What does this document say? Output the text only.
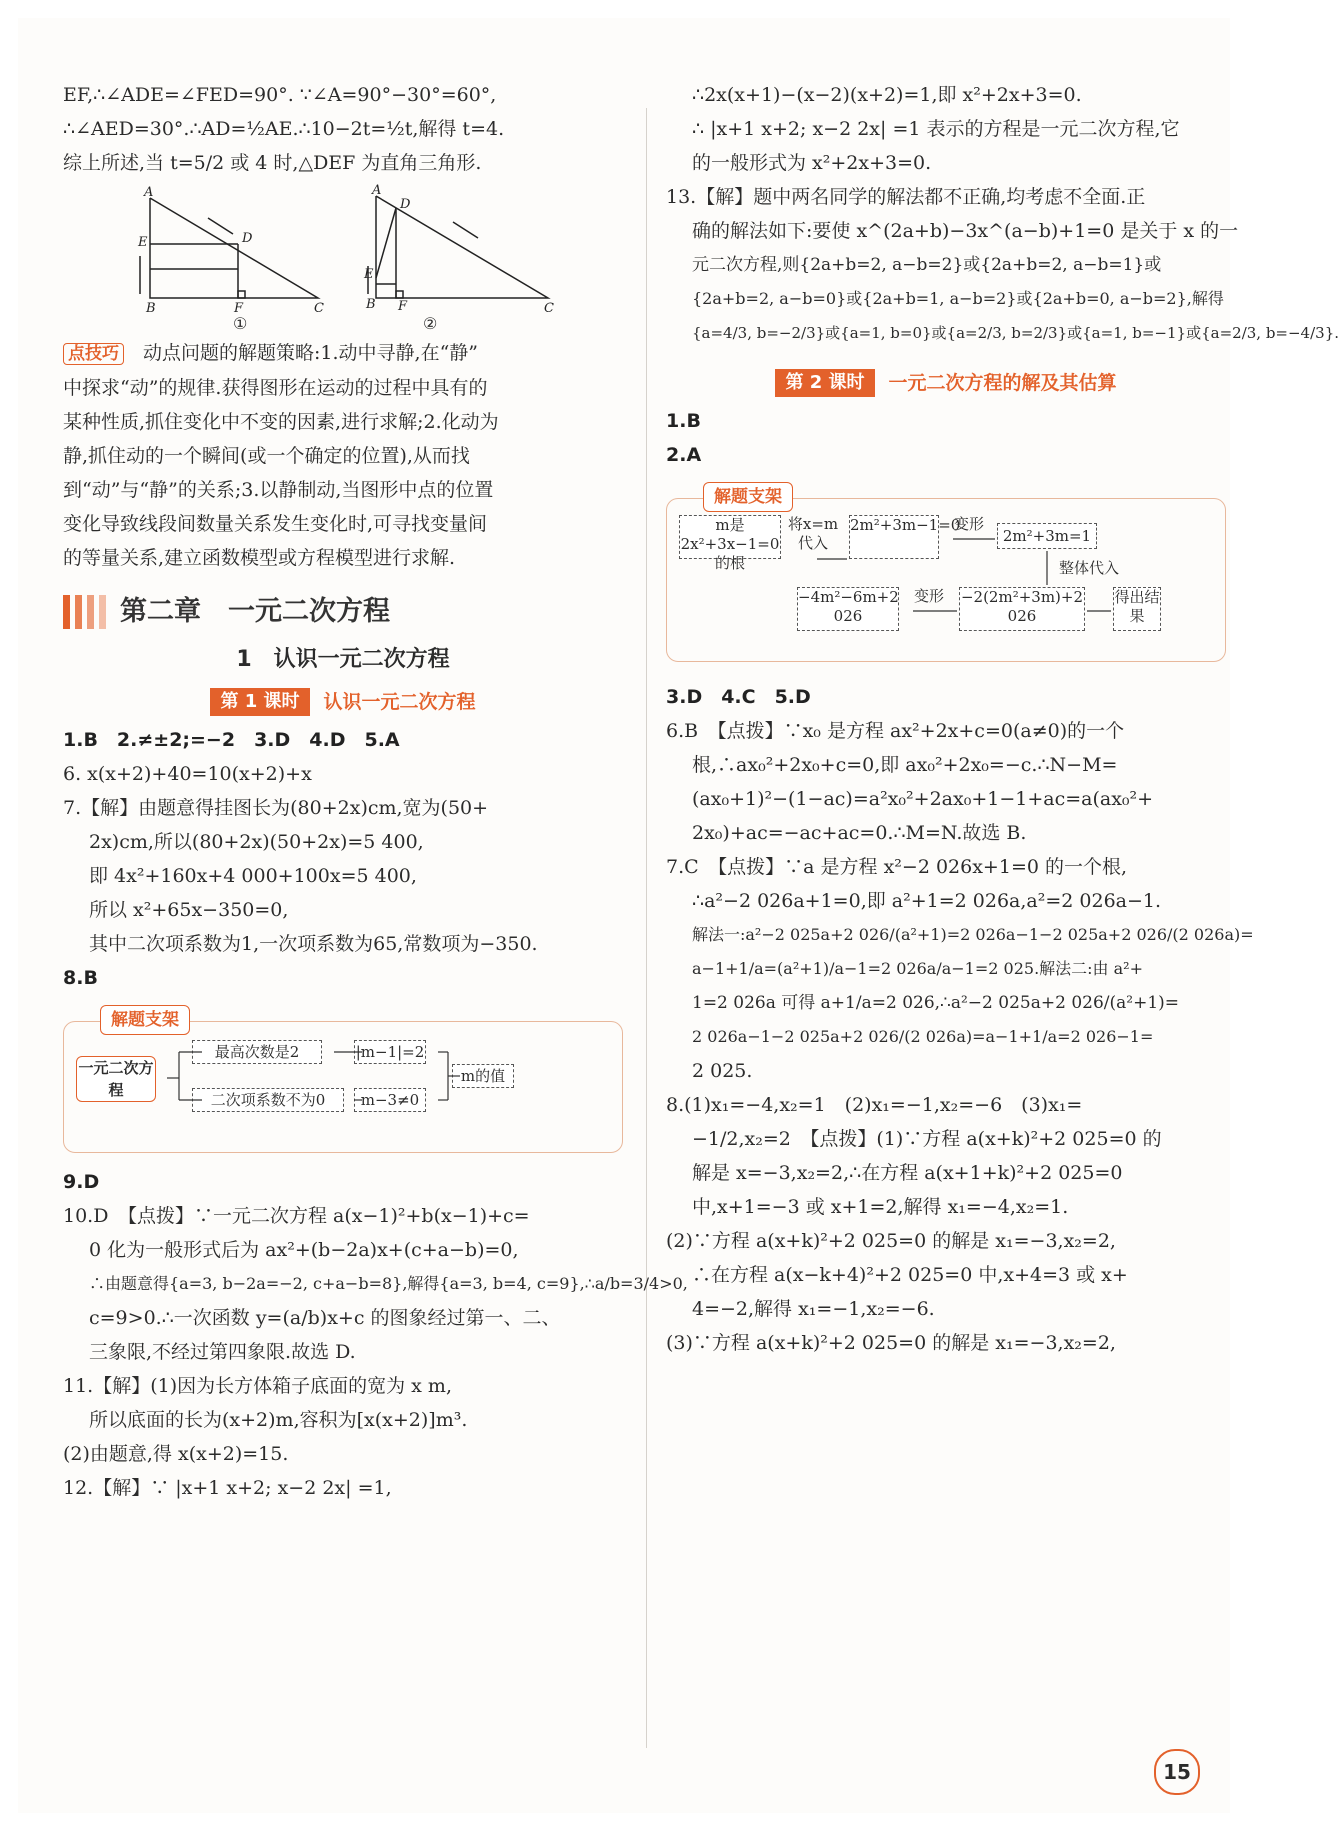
EF,∴∠ADE=∠FED=90°. ∵∠A=90°−30°=60°,
∴∠AED=30°.∴AD=½AE.∴10−2t=½t,解得 t=4.
综上所述,当 t=5/2 或 4 时,△DEF 为直角三角形.
A
D
E
B	F	C
A
D
E
B F	C
①	②
点技巧　 动点问题的解题策略:1.动中寻静,在“静”
中探求“动”的规律.获得图形在运动的过程中具有的
某种性质,抓住变化中不变的因素,进行求解;2.化动为
静,抓住动的一个瞬间(或一个确定的位置),从而找
到“动”与“静”的关系;3.以静制动,当图形中点的位置
变化导致线段间数量关系发生变化时,可寻找变量间
的等量关系,建立函数模型或方程模型进行求解.
第二章　一元二次方程
1　认识一元二次方程
第 1 课时	认识一元二次方程
1.B　2.≠±2;=−2　3.D　4.D　5.A
6. x(x+2)+40=10(x+2)+x
7.【解】由题意得挂图长为(80+2x)cm,宽为(50+
2x)cm,所以(80+2x)(50+2x)=5 400,
即 4x²+160x+4 000+100x=5 400,
所以 x²+65x−350=0,
其中二次项系数为1,一次项系数为65,常数项为−350.
8.B
解题支架
一元二次方程
最高次数是2	|m−1|=2
二次项系数不为0	m−3≠0
m的值
9.D
10.D　【点拨】∵一元二次方程 a(x−1)²+b(x−1)+c=
0 化为一般形式后为 ax²+(b−2a)x+(c+a−b)=0,
∴由题意得{a=3, b−2a=−2, c+a−b=8},解得{a=3, b=4, c=9},∴a/b=3/4>0,
c=9>0.∴一次函数 y=(a/b)x+c 的图象经过第一、二、
三象限,不经过第四象限.故选 D.
11.【解】(1)因为长方体箱子底面的宽为 x m,
所以底面的长为(x+2)m,容积为[x(x+2)]m³.
(2)由题意,得 x(x+2)=15.
12.【解】∵ |x+1 x+2; x−2 2x| =1,
∴2x(x+1)−(x−2)(x+2)=1,即 x²+2x+3=0.
∴ |x+1 x+2; x−2 2x| =1 表示的方程是一元二次方程,它
的一般形式为 x²+2x+3=0.
13.【解】题中两名同学的解法都不正确,均考虑不全面.正
确的解法如下:要使 x^(2a+b)−3x^(a−b)+1=0 是关于 x 的一
元二次方程,则{2a+b=2, a−b=2}或{2a+b=2, a−b=1}或
{2a+b=2, a−b=0}或{2a+b=1, a−b=2}或{2a+b=0, a−b=2},解得
{a=4/3, b=−2/3}或{a=1, b=0}或{a=2/3, b=2/3}或{a=1, b=−1}或{a=2/3, b=−4/3}.
第 2 课时	一元二次方程的解及其估算
1.B
2.A
解题支架
m是2x²+3x−1=0的根
将x=m代入
2m²+3m−1=0
变形
2m²+3m=1
整体代入
−4m²−6m+2 026
变形	−2(2m²+3m)+2 026
得出结果
3.D　4.C　5.D
6.B　【点拨】∵x₀ 是方程 ax²+2x+c=0(a≠0)的一个
根,∴ax₀²+2x₀+c=0,即 ax₀²+2x₀=−c.∴N−M=
(ax₀+1)²−(1−ac)=a²x₀²+2ax₀+1−1+ac=a(ax₀²+
2x₀)+ac=−ac+ac=0.∴M=N.故选 B.
7.C　【点拨】∵a 是方程 x²−2 026x+1=0 的一个根,
∴a²−2 026a+1=0,即 a²+1=2 026a,a²=2 026a−1.
解法一:a²−2 025a+2 026/(a²+1)=2 026a−1−2 025a+2 026/(2 026a)=
a−1+1/a=(a²+1)/a−1=2 026a/a−1=2 025.解法二:由 a²+
1=2 026a 可得 a+1/a=2 026,∴a²−2 025a+2 026/(a²+1)=
2 026a−1−2 025a+2 026/(2 026a)=a−1+1/a=2 026−1=
2 025.
8.(1)x₁=−4,x₂=1　(2)x₁=−1,x₂=−6　(3)x₁=
−1/2,x₂=2　【点拨】(1)∵方程 a(x+k)²+2 025=0 的
解是 x=−3,x₂=2,∴在方程 a(x+1+k)²+2 025=0
中,x+1=−3 或 x+1=2,解得 x₁=−4,x₂=1.
(2)∵方程 a(x+k)²+2 025=0 的解是 x₁=−3,x₂=2,
∴在方程 a(x−k+4)²+2 025=0 中,x+4=3 或 x+
4=−2,解得 x₁=−1,x₂=−6.
(3)∵方程 a(x+k)²+2 025=0 的解是 x₁=−3,x₂=2,
15
